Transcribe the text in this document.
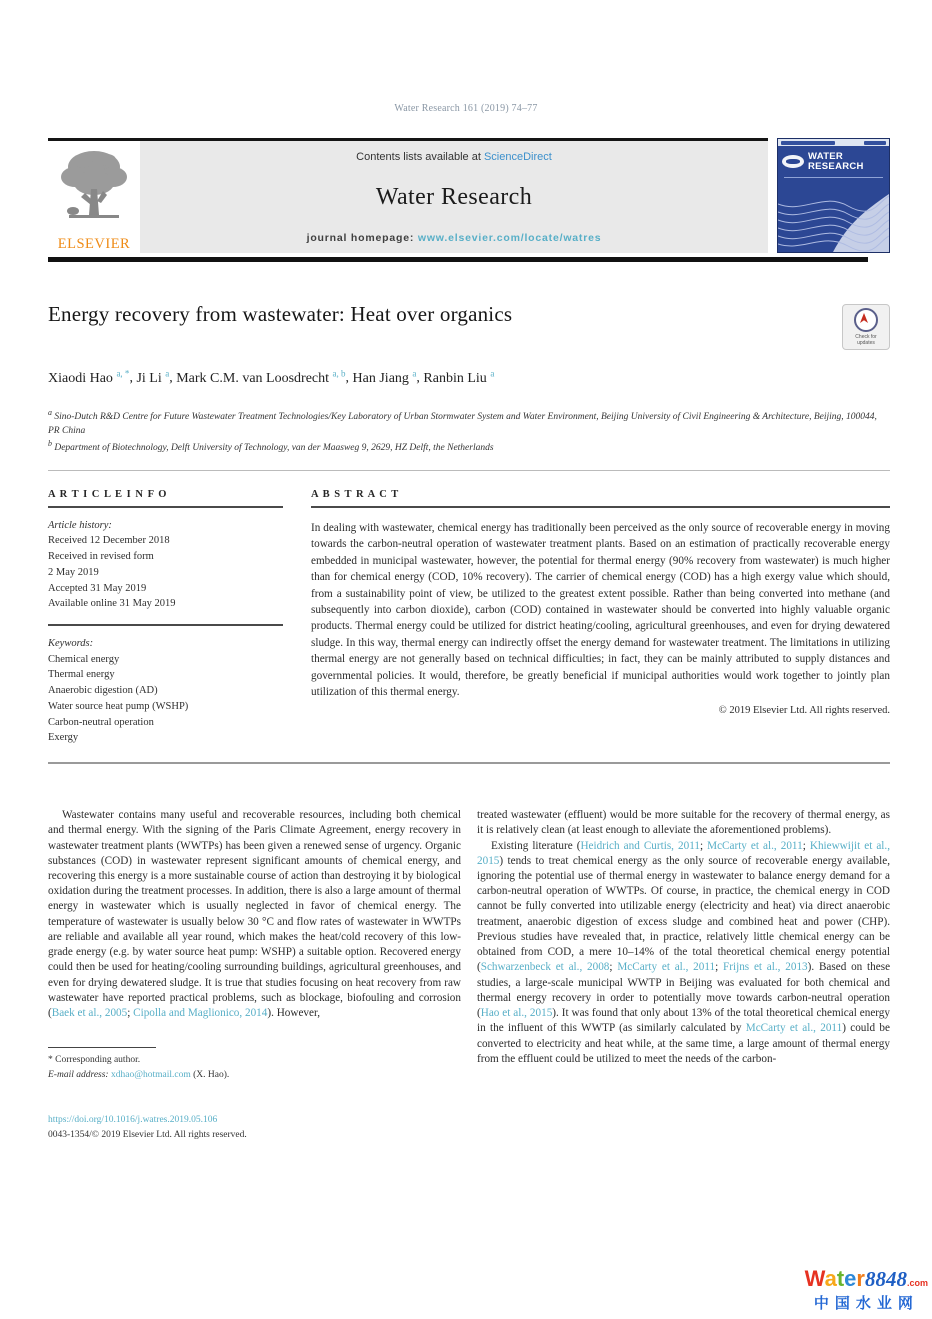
Water Research 161 (2019) 74–77
ELSEVIER
Contents lists available at ScienceDirect
Water Research
journal homepage: www.elsevier.com/locate/watres
WATER
RESEARCH
Energy recovery from wastewater: Heat over organics
Check for updates
Xiaodi Hao $^{a, *}$, Ji Li $^a$, Mark C.M. van Loosdrecht $^{a, b}$, Han Jiang $^a$, Ranbin Liu $^a$
$^a$ Sino-Dutch R&D Centre for Future Wastewater Treatment Technologies/Key Laboratory of Urban Stormwater System and Water Environment, Beijing University of Civil Engineering & Architecture, Beijing, 100044, PR China
$^b$ Department of Biotechnology, Delft University of Technology, van der Maasweg 9, 2629, HZ Delft, the Netherlands
A R T I C L E I N F O
Article history:
Received 12 December 2018
Received in revised form
2 May 2019
Accepted 31 May 2019
Available online 31 May 2019
Keywords:
Chemical energy
Thermal energy
Anaerobic digestion (AD)
Water source heat pump (WSHP)
Carbon-neutral operation
Exergy
A B S T R A C T

In dealing with wastewater, chemical energy has traditionally been perceived as the only source of recoverable energy in moving towards the carbon-neutral operation of wastewater treatment plants. Based on an estimation of practically recoverable energy embedded in municipal wastewater, however, the potential for thermal energy (90% recovery from wastewater) is much higher than for chemical energy (COD, 10% recovery). The carrier of chemical energy (COD) has a high exergy value which should, from a sustainability point of view, be utilized to the greatest extent possible. Rather than being converted into methane (and subsequently into carbon dioxide), carbon (COD) contained in wastewater should be converted into highly valuable organic products. Thermal energy could be utilized for district heating/cooling, agricultural greenhouses, and even for drying dewatered sludge. In this way, thermal energy can indirectly offset the energy demand for wastewater treatment. The limitations in utilizing thermal energy are not generally based on technical difficulties; in fact, they can be mainly attributed to supply distances and governmental policies. It would, therefore, be greatly beneficial if municipal authorities would work together to jointly plan utilization of this thermal energy.

© 2019 Elsevier Ltd. All rights reserved.

Wastewater contains many useful and recoverable resources, including both chemical and thermal energy. With the signing of the Paris Climate Agreement, energy recovery in wastewater treatment plants (WWTPs) has been given a renewed sense of urgency. Organic substances (COD) in wastewater represent significant amounts of chemical energy, and recovering this energy is a more sustainable course of action than destroying it by biological oxidation during the treatment processes. In addition, there is also a large amount of thermal energy in wastewater which is usually neglected in favor of chemical energy. The temperature of wastewater is usually below 30 °C and flow rates of wastewater in WWTPs are reliable and available all year round, which makes the heat/cold recovery of this low-grade energy (e.g. by water source heat pump: WSHP) a suitable option. Recovered energy could then be used for heating/cooling surrounding buildings, agricultural greenhouses, and even for drying dewatered sludge. It is true that studies focusing on heat recovery from raw wastewater have reported practical problems, such as blockage, biofouling and corrosion (Baek et al., 2005; Cipolla and Maglionico, 2014). However,

* Corresponding author.
E-mail address: xdhao@hotmail.com (X. Hao).

treated wastewater (effluent) would be more suitable for the recovery of thermal energy, as it is relatively clean (at least enough to alleviate the aforementioned problems).

Existing literature (Heidrich and Curtis, 2011; McCarty et al., 2011; Khiewwijit et al., 2015) tends to treat chemical energy as the only source of recoverable energy available, ignoring the potential use of thermal energy in wastewater to balance energy demand for a carbon-neutral operation of WWTPs. Of course, in practice, the chemical energy in COD cannot be fully converted into utilizable energy (electricity and heat) via direct anaerobic treatment, anaerobic digestion of excess sludge and combined heat and power (CHP). Previous studies have revealed that, in practice, relatively little chemical energy can be obtained from COD, a mere 10–14% of the total theoretical chemical energy potential (Schwarzenbeck et al., 2008; McCarty et al., 2011; Frijns et al., 2013). Based on these studies, a large-scale municipal WWTP in Beijing was evaluated for both chemical and thermal energy recovery in order to potentially move towards carbon-neutral operation (Hao et al., 2015). It was found that only about 13% of the total theoretical chemical energy in the influent of this WWTP (as similarly calculated by McCarty et al., 2011) could be converted to electricity and heat while, at the same time, a large amount of thermal energy from the effluent could be utilized to meet the needs of the carbon-

https://doi.org/10.1016/j.watres.2019.05.106
0043-1354/© 2019 Elsevier Ltd. All rights reserved.
Water8848.com
中国水业网
